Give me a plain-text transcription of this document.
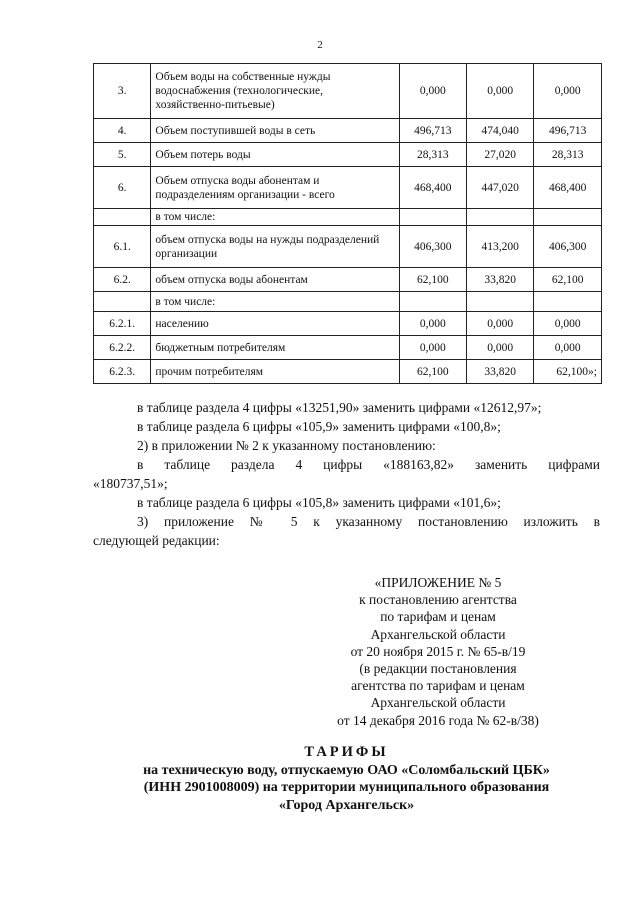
2
3.	Объем воды на собственные нужды водоснабжения (технологические, хозяйственно-питьевые)	0,000	0,000	0,000
4.	Объем поступившей воды в сеть	496,713	474,040	496,713
5.	Объем потерь воды	28,313	27,020	28,313
6.	Объем отпуска воды абонентам и подразделениям организации - всего	468,400	447,020	468,400
	в том числе:			
6.1.	объем отпуска воды на нужды подразделений организации	406,300	413,200	406,300
6.2.	объем отпуска воды абонентам	62,100	33,820	62,100
	в том числе:			
6.2.1.	населению	0,000	0,000	0,000
6.2.2.	бюджетным потребителям	0,000	0,000	0,000
6.2.3.	прочим потребителям	62,100	33,820	62,100»;
в таблице раздела 4 цифры «13251,90» заменить цифрами «12612,97»;
в таблице раздела 6 цифры «105,9» заменить цифрами «100,8»;
2) в приложении № 2 к указанному постановлению:
в таблице раздела 4 цифры «188163,82» заменить цифрами
«180737,51»;
в таблице раздела 6 цифры «105,8» заменить цифрами «101,6»;
3) приложение № 5 к указанному постановлению изложить в
следующей редакции:
«ПРИЛОЖЕНИЕ № 5
к постановлению агентства
по тарифам и ценам
Архангельской области
от 20 ноября 2015 г. № 65-в/19
(в редакции постановления
агентства по тарифам и ценам
Архангельской области
от 14 декабря 2016 года № 62-в/38)
ТАРИФЫ
на техническую воду, отпускаемую ОАО «Соломбальский ЦБК»
(ИНН 2901008009) на территории муниципального образования
«Город Архангельск»
